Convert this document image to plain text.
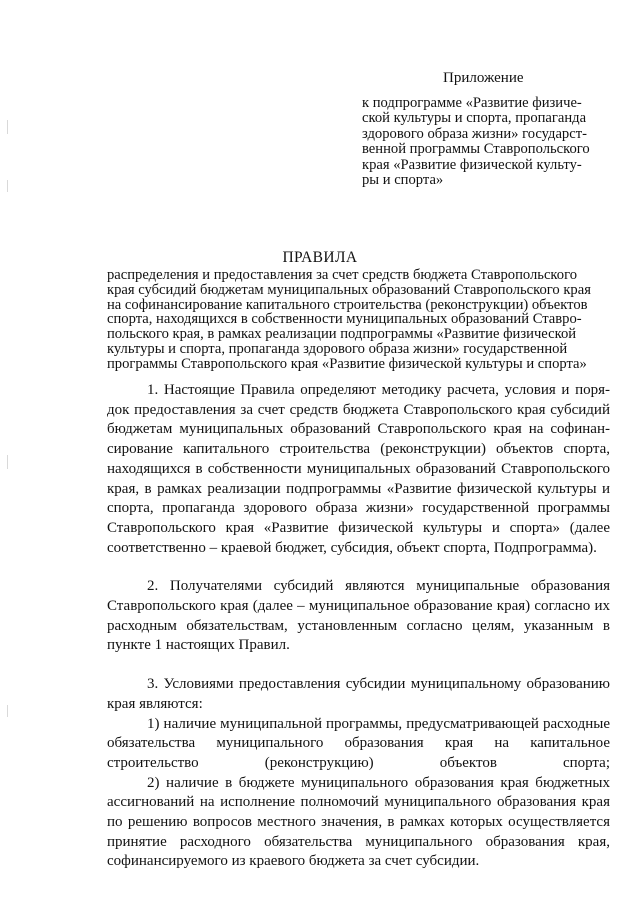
Приложение
к подпрограмме «Развитие физиче-
ской культуры и спорта, пропаганда
здорового образа жизни» государст-
венной программы Ставропольского
края «Развитие физической культу-
ры и спорта»
ПРАВИЛА
распределения и предоставления за счет средств бюджета Ставропольского
края субсидий бюджетам муниципальных образований Ставропольского края
на софинансирование капитального строительства (реконструкции) объектов
спорта, находящихся в собственности муниципальных образований Ставро-
польского края, в рамках реализации подпрограммы «Развитие физической
культуры и спорта, пропаганда здорового образа жизни» государственной
программы Ставропольского края «Развитие физической культуры и спорта»

1. Настоящие Правила определяют методику расчета, условия и порядок предоставления за счет средств бюджета Ставропольского края субсидий бюджетам муниципальных образований Ставропольского края на софинансирование капитального строительства (реконструкции) объектов спорта, находящихся в собственности муниципальных образований Ставропольского края, в рамках реализации подпрограммы «Развитие физической культуры и спорта, пропаганда здорового образа жизни» государственной программы Ставропольского края «Развитие физической культуры и спорта» (далее соответственно – краевой бюджет, субсидия, объект спорта, Подпрограмма).

2. Получателями субсидий являются муниципальные образования Ставропольского края (далее – муниципальное образование края) согласно их расходным обязательствам, установленным согласно целям, указанным в пункте 1 настоящих Правил.

3. Условиями предоставления субсидии муниципальному образованию края являются:

1) наличие муниципальной программы, предусматривающей расходные обязательства муниципального образования края на капитальное строительство (реконструкцию) объектов спорта;

2) наличие в бюджете муниципального образования края бюджетных ассигнований на исполнение полномочий муниципального образования края по решению вопросов местного значения, в рамках которых осуществляется принятие расходного обязательства муниципального образования края, софинансируемого из краевого бюджета за счет субсидии.
